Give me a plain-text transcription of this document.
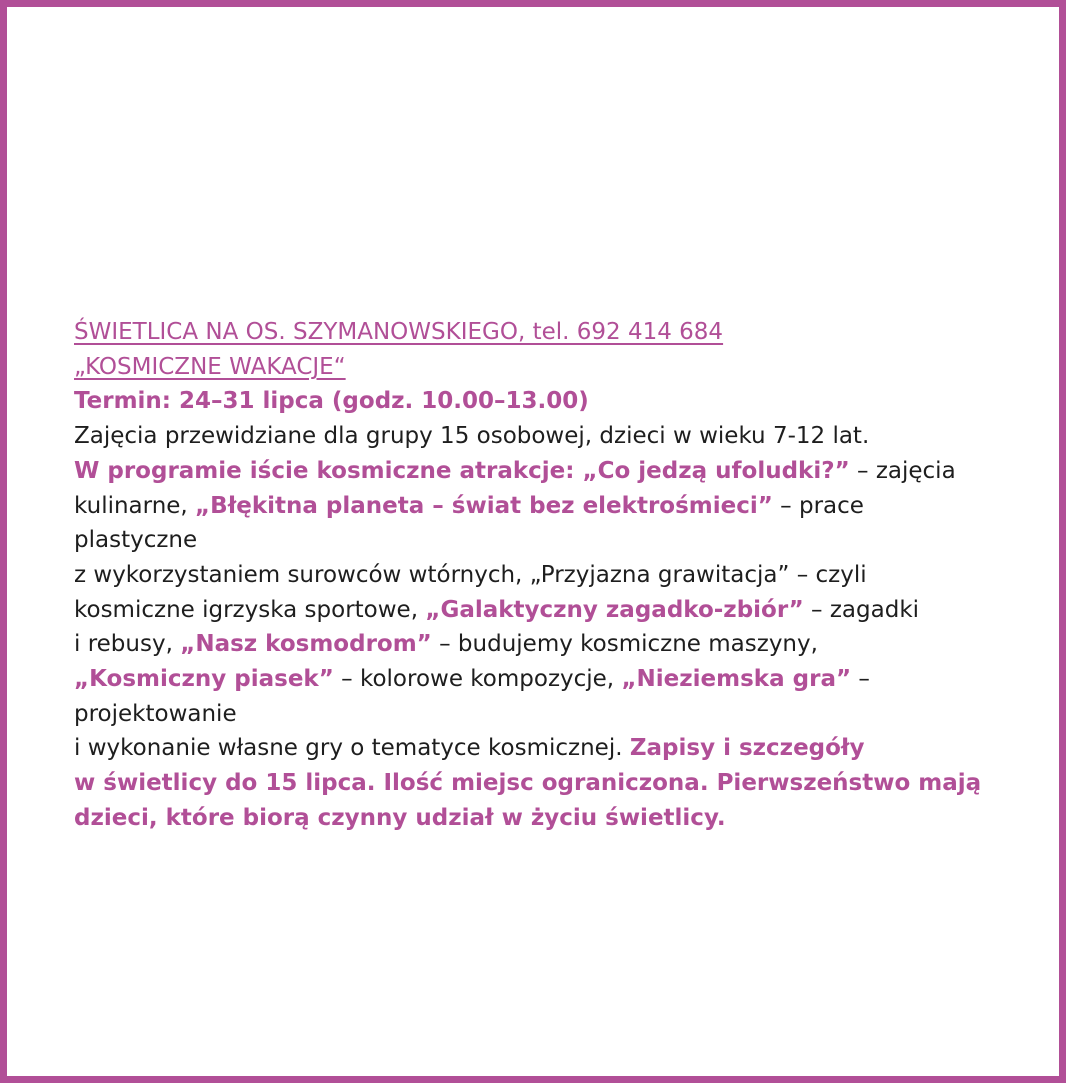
ŚWIETLICA NA OS. SZYMANOWSKIEGO, tel. 692 414 684
„KOSMICZNE WAKACJE“
Termin: 24–31 lipca (godz. 10.00–13.00)
Zajęcia przewidziane dla grupy 15 osobowej, dzieci w wieku 7-12 lat.
W programie iście kosmiczne atrakcje: „Co jedzą ufoludki?” – zajęcia
kulinarne, „Błękitna planeta – świat bez elektrośmieci” – prace
plastyczne
z wykorzystaniem surowców wtórnych, „Przyjazna grawitacja” – czyli
kosmiczne igrzyska sportowe, „Galaktyczny zagadko-zbiór” – zagadki
i rebusy, „Nasz kosmodrom” – budujemy kosmiczne maszyny,
„Kosmiczny piasek” – kolorowe kompozycje, „Nieziemska gra” –
projektowanie
i wykonanie własne gry o tematyce kosmicznej. Zapisy i szczegóły
w świetlicy do 15 lipca. Ilość miejsc ograniczona. Pierwszeństwo mają
dzieci, które biorą czynny udział w życiu świetlicy.
